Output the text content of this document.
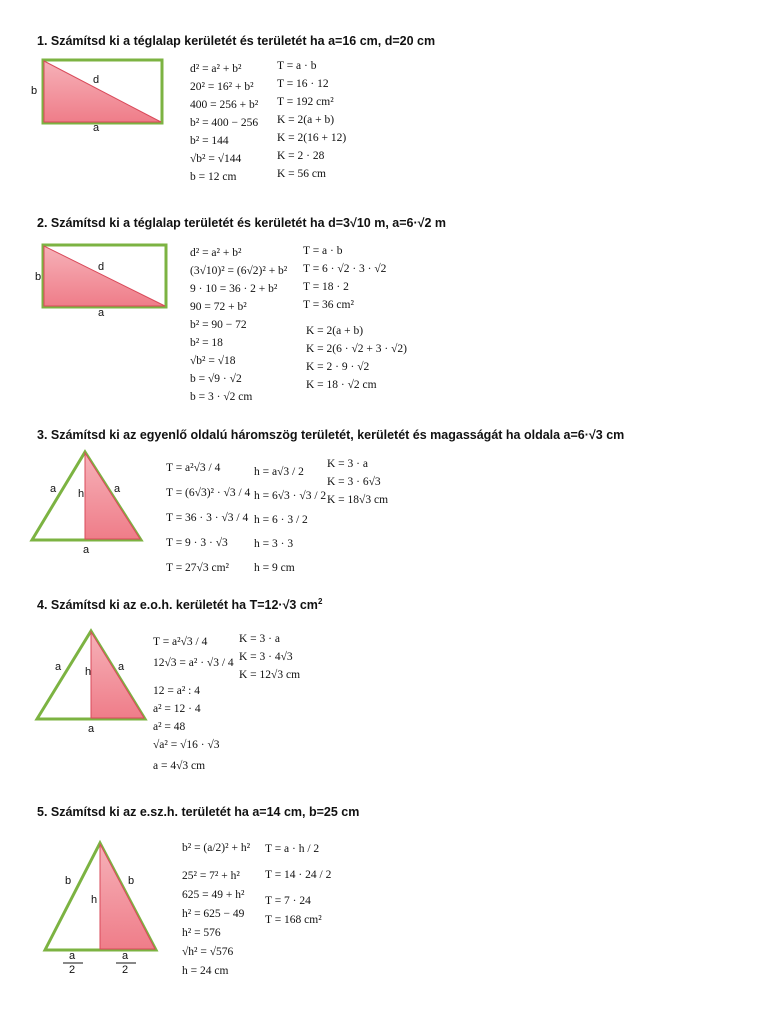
1. Számítsd ki a téglalap kerületét és területét ha a=16 cm, d=20 cm
2. Számítsd ki a téglalap területét és kerületét ha d=3√10 m, a=6·√2 m
3. Számítsd ki az egyenlő oldalú háromszög területét, kerületét és magasságát ha oldala a=6·√3 cm
4. Számítsd ki az e.o.h. kerületét ha T=12·√3 $cm^2$
5. Számítsd ki az e.sz.h. területét ha a=14 cm, b=25 cm
b
d
a
b
d
a
a h	a
a
a h a
a
b
h
b
a
2
a
2
d² = a² + b²
20² = 16² + b²
400 = 256 + b²
b² = 400 − 256
b² = 144
√b² = √144
b = 12 cm
T = a · b
T = 16 · 12
T = 192 cm²
K = 2(a + b)
K = 2(16 + 12)
K = 2 · 28
K = 56 cm
d² = a² + b²
(3√10)² = (6√2)² + b²
9 · 10 = 36 · 2 + b²
90 = 72 + b²
b² = 90 − 72
b² = 18
√b² = √18
b = √9 · √2
b = 3 · √2 cm
T = a · b
T = 6 · √2 · 3 · √2
T = 18 · 2
T = 36 cm²
K = 2(a + b)
K = 2(6 · √2 + 3 · √2)
K = 2 · 9 · √2
K = 18 · √2 cm
T = a²√3 / 4
T = (6√3)² · √3 / 4
T = 36 · 3 · √3 / 4
T = 9 · 3 · √3
T = 27√3 cm²
h = a√3 / 2
h = 6√3 · √3 / 2
h = 6 · 3 / 2
h = 3 · 3
h = 9 cm
K = 3 · a
K = 3 · 6√3
K = 18√3 cm
T = a²√3 / 4
12√3 = a² · √3 / 4
12 = a² : 4
a² = 12 · 4
a² = 48
√a² = √16 · √3
a = 4√3 cm
K = 3 · a
K = 3 · 4√3
K = 12√3 cm
b² = (a/2)² + h²
25² = 7² + h²
625 = 49 + h²
h² = 625 − 49
h² = 576
√h² = √576
h = 24 cm
T = a · h / 2
T = 14 · 24 / 2
T = 7 · 24
T = 168 cm²
